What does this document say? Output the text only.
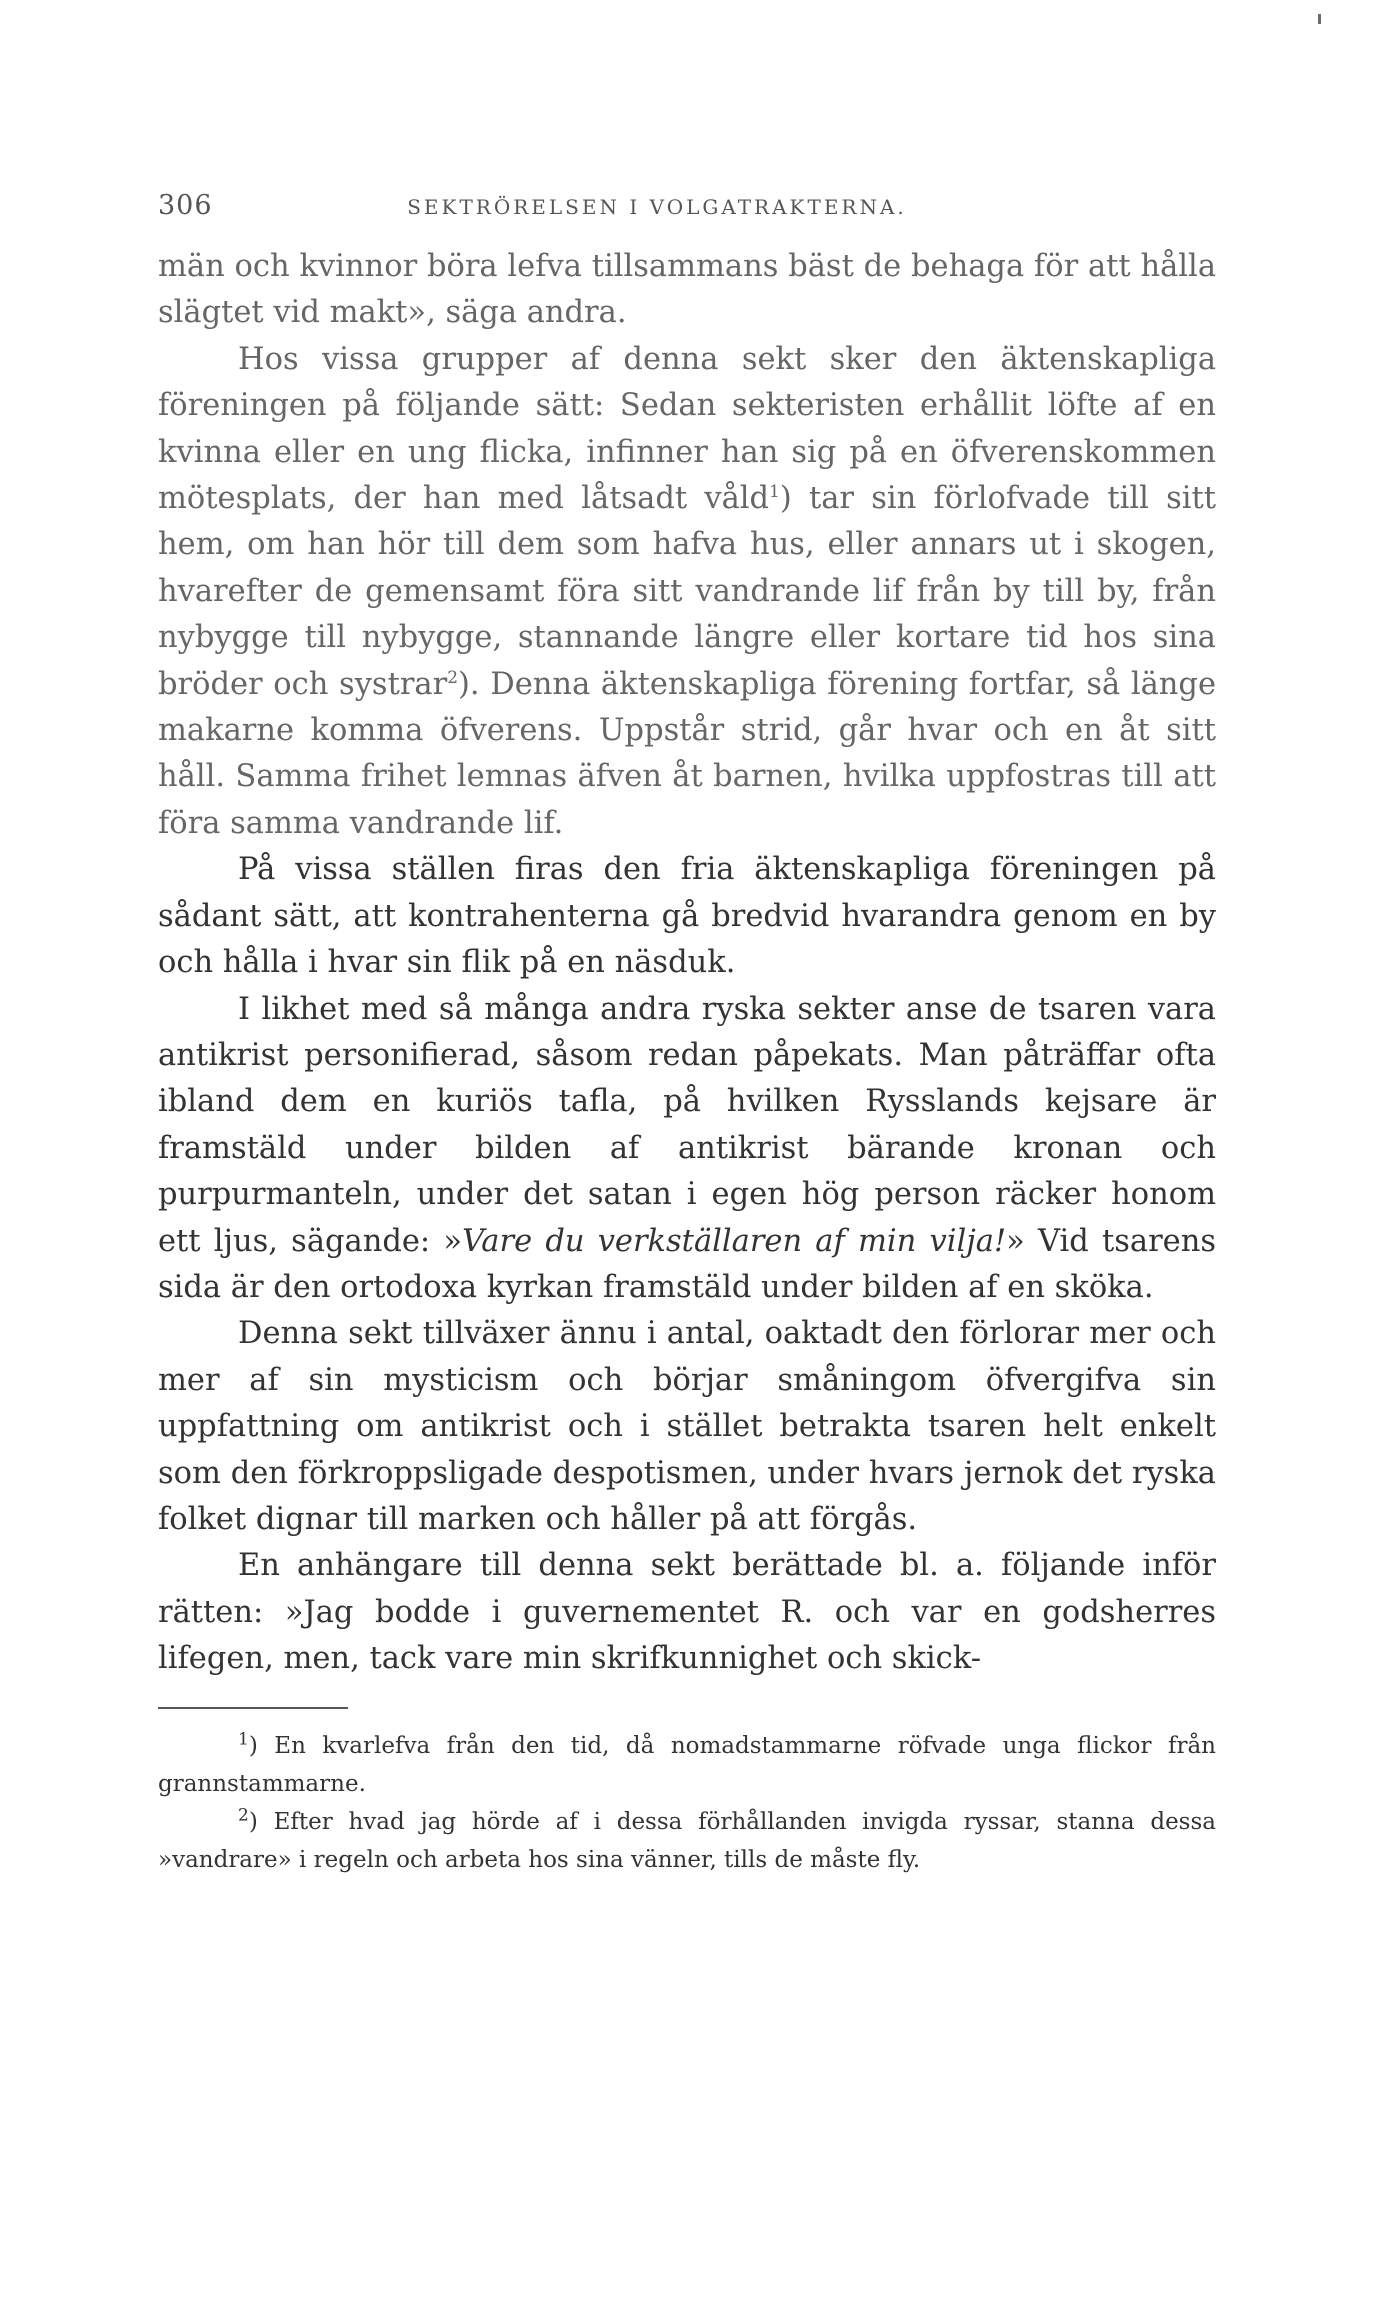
306	SEKTRÖRELSEN I VOLGATRAKTERNA.

män och kvinnor böra lefva tillsammans bäst de behaga för att hålla slägtet vid makt», säga andra.

Hos vissa grupper af denna sekt sker den äktenskapliga föreningen på följande sätt: Sedan sekteristen erhållit löfte af en kvinna eller en ung flicka, infinner han sig på en öfverenskommen mötesplats, der han med låtsadt våld$^1$) tar sin förlofvade till sitt hem, om han hör till dem som hafva hus, eller annars ut i skogen, hvarefter de gemensamt föra sitt vandrande lif från by till by, från nybygge till nybygge, stannande längre eller kortare tid hos sina bröder och systrar$^2$). Denna äktenskapliga förening fortfar, så länge makarne komma öfverens. Uppstår strid, går hvar och en åt sitt håll. Samma frihet lemnas äfven åt barnen, hvilka uppfostras till att föra samma vandrande lif.

På vissa ställen firas den fria äktenskapliga föreningen på sådant sätt, att kontrahenterna gå bredvid hvarandra genom en by och hålla i hvar sin flik på en näsduk.

I likhet med så många andra ryska sekter anse de tsaren vara antikrist personifierad, såsom redan påpekats. Man påträffar ofta ibland dem en kuriös tafla, på hvilken Rysslands kejsare är framstäld under bilden af antikrist bärande kronan och purpurmanteln, under det satan i egen hög person räcker honom ett ljus, sägande: »Vare du verkställaren af min vilja!» Vid tsarens sida är den ortodoxa kyrkan framstäld under bilden af en sköka.

Denna sekt tillväxer ännu i antal, oaktadt den förlorar mer och mer af sin mysticism och börjar småningom öfvergifva sin uppfattning om antikrist och i stället betrakta tsaren helt enkelt som den förkroppsligade despotismen, under hvars jernok det ryska folket dignar till marken och håller på att förgås.

En anhängare till denna sekt berättade bl. a. följande inför rätten: »Jag bodde i guvernementet R. och var en godsherres lifegen, men, tack vare min skrifkunnighet och skick-

$^1$) En kvarlefva från den tid, då nomadstammarne röfvade unga flickor från grannstammarne.

$^2$) Efter hvad jag hörde af i dessa förhållanden invigda ryssar, stanna dessa »vandrare» i regeln och arbeta hos sina vänner, tills de måste fly.
